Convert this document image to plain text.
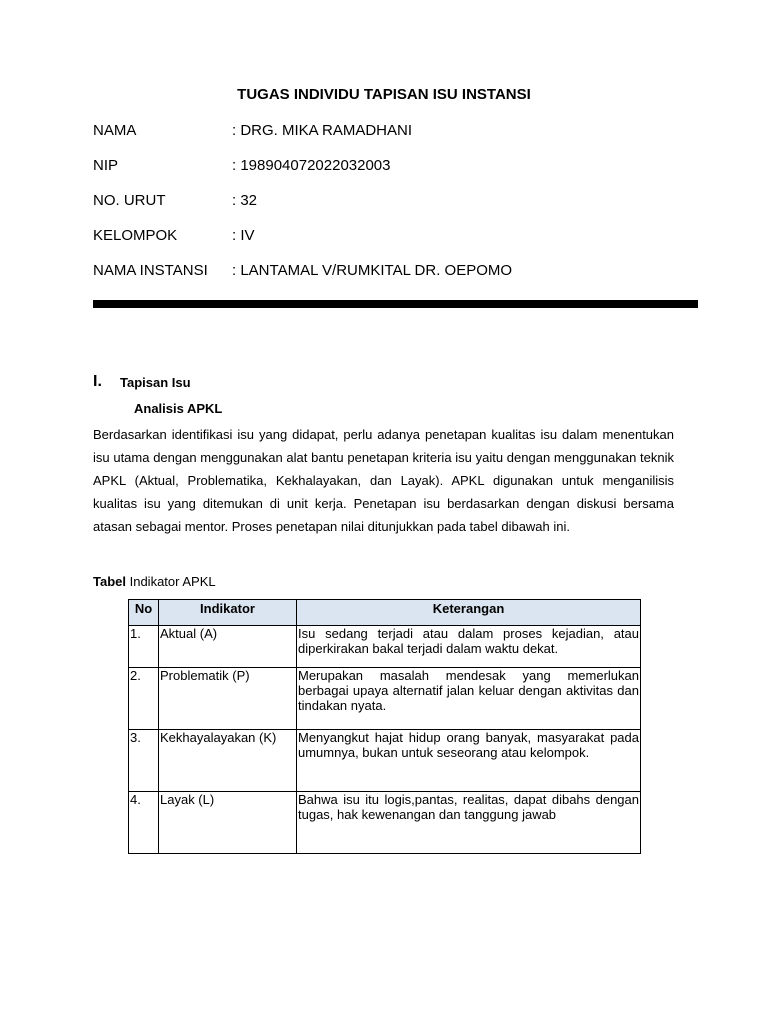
TUGAS INDIVIDU TAPISAN ISU INSTANSI
NAMA	: DRG. MIKA RAMADHANI
NIP	: 198904072022032003
NO. URUT	: 32
KELOMPOK	: IV
NAMA INSTANSI : LANTAMAL V/RUMKITAL DR. OEPOMO
I. Tapisan Isu
Analisis APKL

Berdasarkan identifikasi isu yang didapat, perlu adanya penetapan kualitas isu dalam menentukan isu utama dengan menggunakan alat bantu penetapan kriteria isu yaitu dengan menggunakan teknik APKL (Aktual, Problematika, Kekhalayakan, dan Layak). APKL digunakan untuk menganilisis kualitas isu yang ditemukan di unit kerja. Penetapan isu berdasarkan dengan diskusi bersama atasan sebagai mentor. Proses penetapan nilai ditunjukkan pada tabel dibawah ini.

Tabel Indikator APKL
No	Indikator	Keterangan
1.	Aktual (A)	Isu sedang terjadi atau dalam proses kejadian, atau diperkirakan bakal terjadi dalam waktu dekat.
2.	Problematik (P)	Merupakan masalah mendesak yang memerlukan berbagai upaya alternatif jalan keluar dengan aktivitas dan tindakan nyata.
3.	Kekhayalayakan (K)	Menyangkut hajat hidup orang banyak, masyarakat pada umumnya, bukan untuk seseorang atau kelompok.
4.	Layak (L)	Bahwa isu itu logis,pantas, realitas, dapat dibahs dengan tugas, hak kewenangan dan tanggung jawab
